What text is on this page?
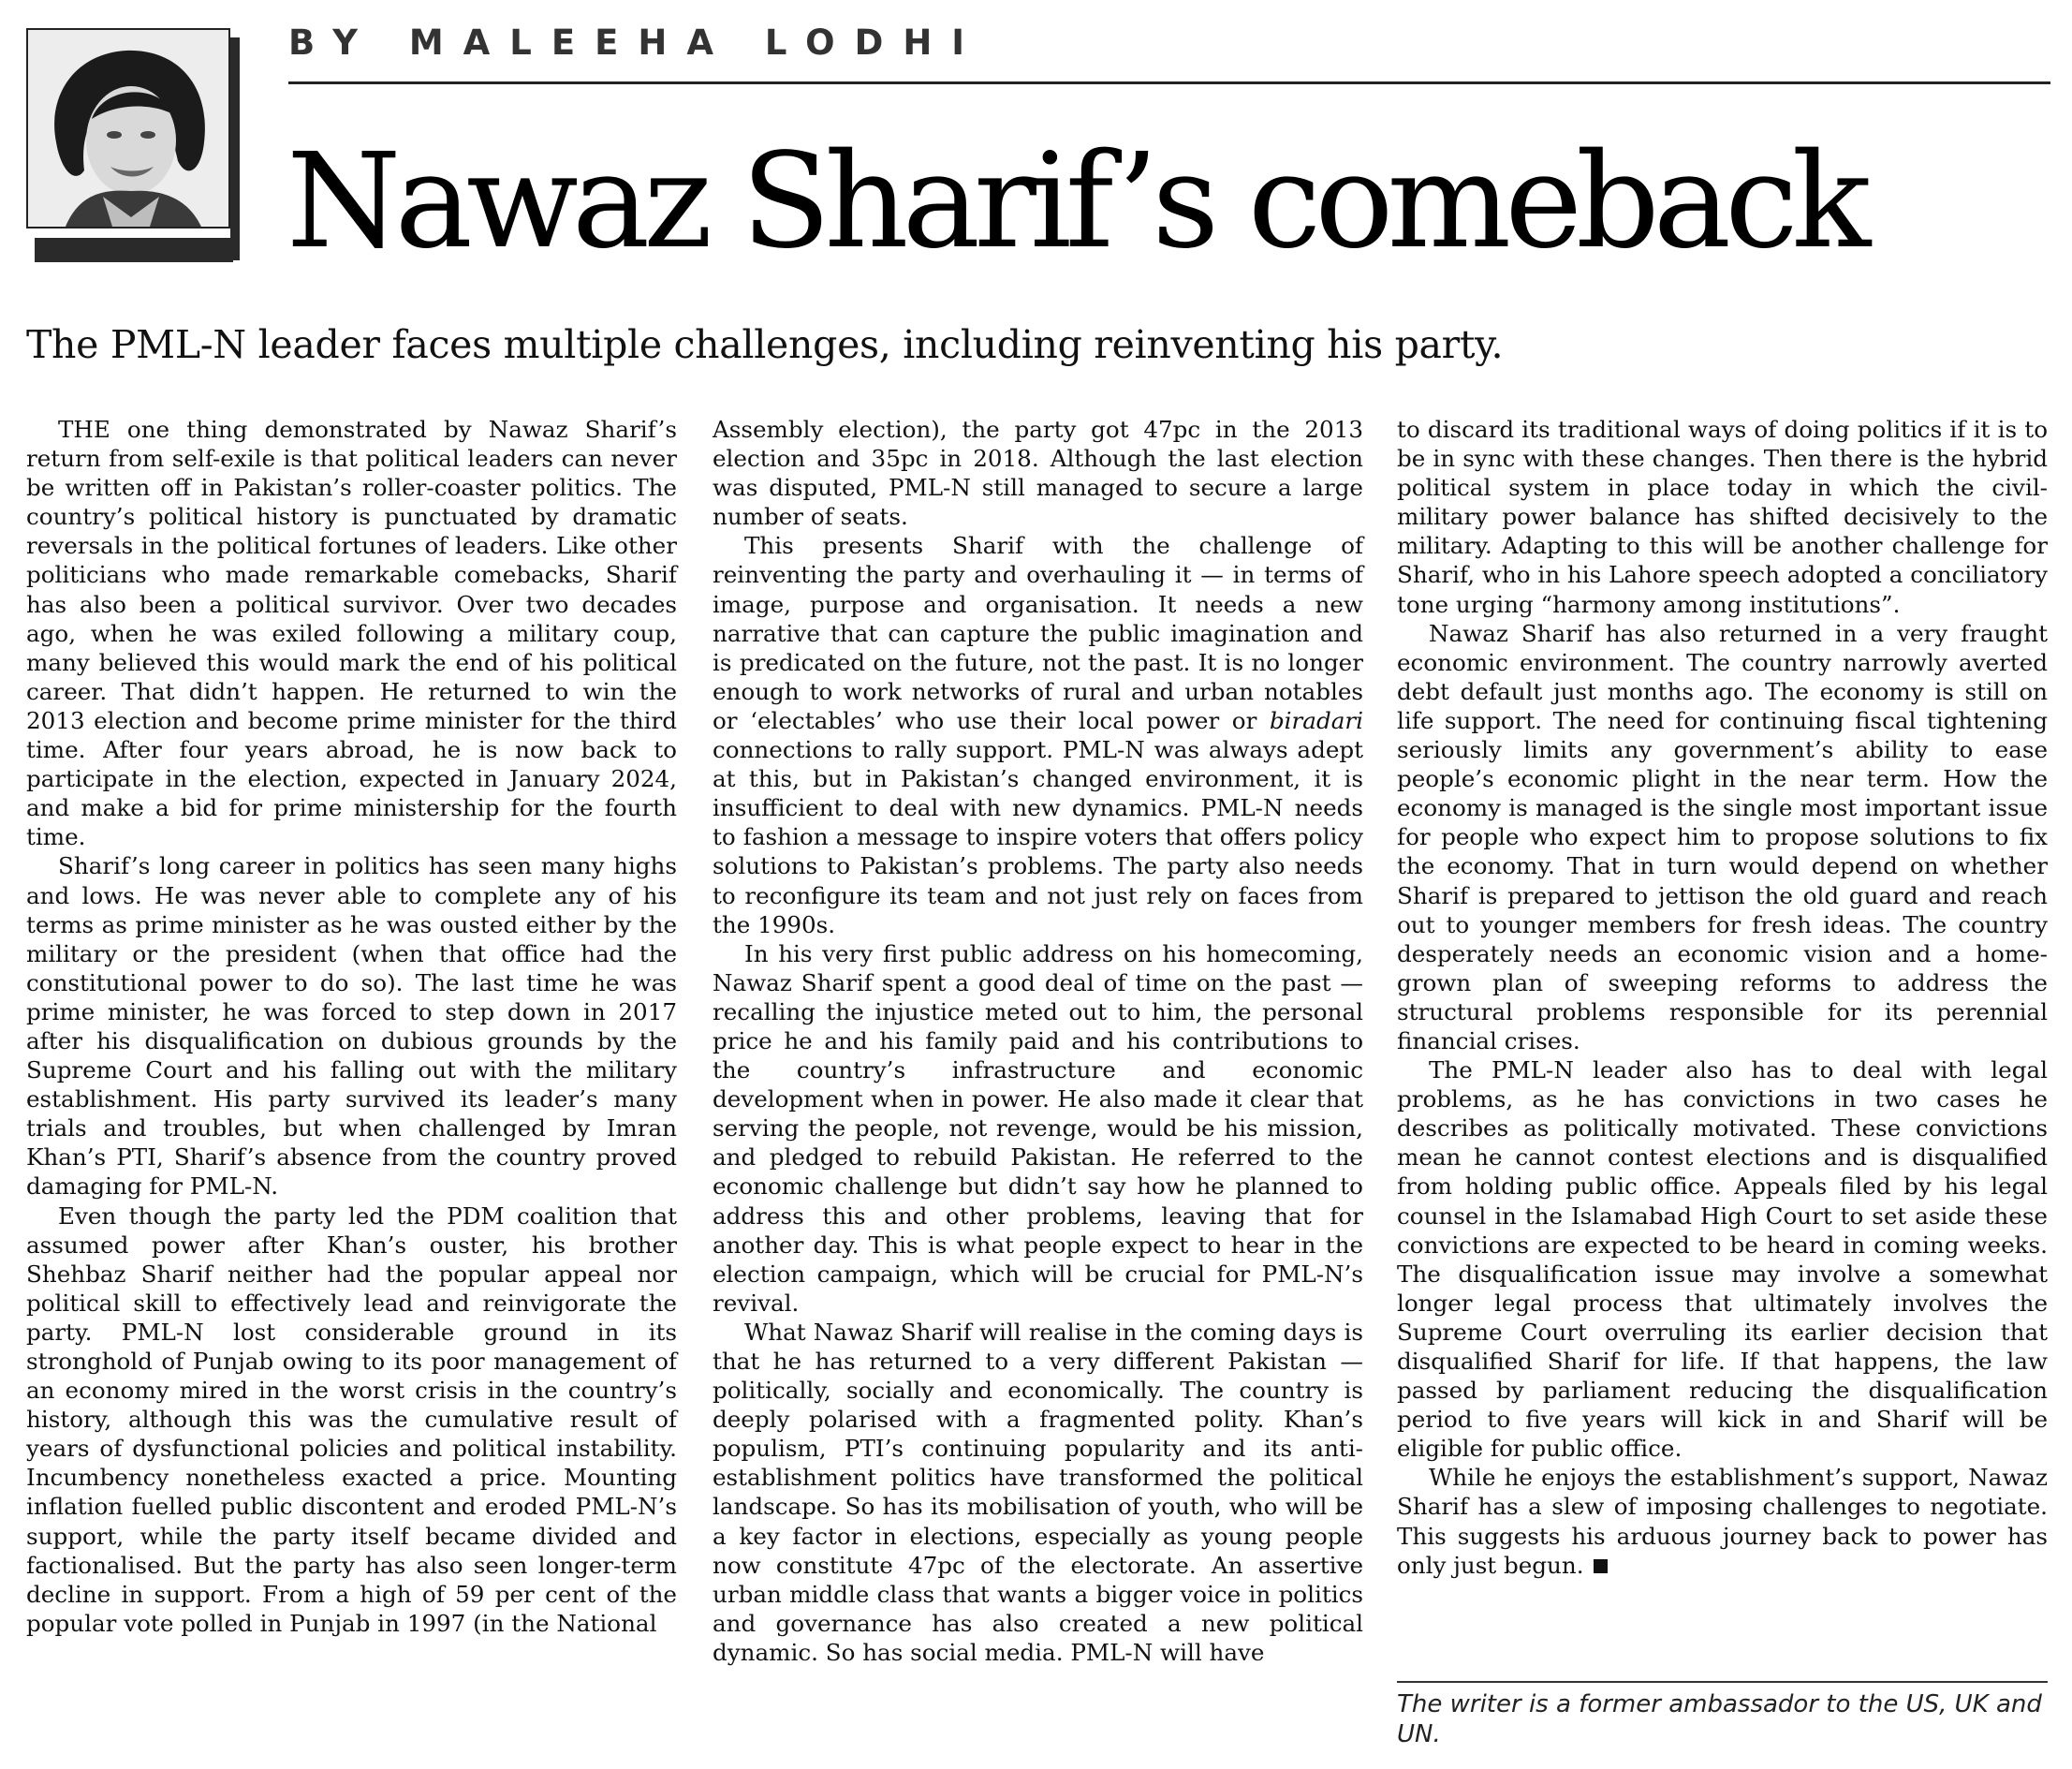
BY MALEEHA LODHI
Nawaz Sharif’s comeback
The PML-N leader faces multiple challenges, including reinventing his party.

THE one thing demonstrated by Nawaz Sharif’s return from self-exile is that political leaders can never be written off in Pakistan’s roller-coaster politics. The country’s political history is punctuated by dramatic reversals in the political fortunes of leaders. Like other politicians who made remarkable comebacks, Sharif has also been a political survivor. Over two decades ago, when he was exiled following a military coup, many believed this would mark the end of his political career. That didn’t happen. He returned to win the 2013 election and become prime minister for the third time. After four years abroad, he is now back to participate in the election, expected in January 2024, and make a bid for prime ministership for the fourth time.

Sharif’s long career in politics has seen many highs and lows. He was never able to complete any of his terms as prime minister as he was ousted either by the military or the president (when that office had the constitutional power to do so). The last time he was prime minister, he was forced to step down in 2017 after his disqualification on dubious grounds by the Supreme Court and his falling out with the military establishment. His party survived its leader’s many trials and troubles, but when challenged by Imran Khan’s PTI, Sharif’s absence from the country proved damaging for PML-N.

Even though the party led the PDM coalition that assumed power after Khan’s ouster, his brother Shehbaz Sharif neither had the popular appeal nor political skill to effectively lead and reinvigorate the party. PML-N lost considerable ground in its stronghold of Punjab owing to its poor management of an economy mired in the worst crisis in the country’s history, although this was the cumulative result of years of dysfunctional policies and political instability. Incumbency nonetheless exacted a price. Mounting inflation fuelled public discontent and eroded PML-N’s support, while the party itself became divided and factionalised. But the party has also seen longer-term decline in support. From a high of 59 per cent of the popular vote polled in Punjab in 1997 (in the National

Assembly election), the party got 47pc in the 2013 election and 35pc in 2018. Although the last election was disputed, PML-N still managed to secure a large number of seats.

This presents Sharif with the challenge of reinventing the party and overhauling it — in terms of image, purpose and organisation. It needs a new narrative that can capture the public imagination and is predicated on the future, not the past. It is no longer enough to work networks of rural and urban notables or ‘electables’ who use their local power or biradari connections to rally support. PML-N was always adept at this, but in Pakistan’s changed environment, it is insufficient to deal with new dynamics. PML-N needs to fashion a message to inspire voters that offers policy solutions to Pakistan’s problems. The party also needs to reconfigure its team and not just rely on faces from the 1990s.

In his very first public address on his homecoming, Nawaz Sharif spent a good deal of time on the past — recalling the injustice meted out to him, the personal price he and his family paid and his contributions to the country’s infrastructure and economic development when in power. He also made it clear that serving the people, not revenge, would be his mission, and pledged to rebuild Pakistan. He referred to the economic challenge but didn’t say how he planned to address this and other problems, leaving that for another day. This is what people expect to hear in the election campaign, which will be crucial for PML-N’s revival.

What Nawaz Sharif will realise in the coming days is that he has returned to a very different Pakistan — politically, socially and economically. The country is deeply polarised with a fragmented polity. Khan’s populism, PTI’s continuing popularity and its anti-establishment politics have transformed the political landscape. So has its mobilisation of youth, who will be a key factor in elections, especially as young people now constitute 47pc of the electorate. An assertive urban middle class that wants a bigger voice in politics and governance has also created a new political dynamic. So has social media. PML-N will have

to discard its traditional ways of doing politics if it is to be in sync with these changes. Then there is the hybrid political system in place today in which the civil-military power balance has shifted decisively to the military. Adapting to this will be another challenge for Sharif, who in his Lahore speech adopted a conciliatory tone urging “harmony among institutions”.

Nawaz Sharif has also returned in a very fraught economic environment. The country narrowly averted debt default just months ago. The economy is still on life support. The need for continuing fiscal tightening seriously limits any government’s ability to ease people’s economic plight in the near term. How the economy is managed is the single most important issue for people who expect him to propose solutions to fix the economy. That in turn would depend on whether Sharif is prepared to jettison the old guard and reach out to younger members for fresh ideas. The country desperately needs an economic vision and a home-grown plan of sweeping reforms to address the structural problems responsible for its perennial financial crises.

The PML-N leader also has to deal with legal problems, as he has convictions in two cases he describes as politically motivated. These convictions mean he cannot contest elections and is disqualified from holding public office. Appeals filed by his legal counsel in the Islamabad High Court to set aside these convictions are expected to be heard in coming weeks. The disqualification issue may involve a somewhat longer legal process that ultimately involves the Supreme Court overruling its earlier decision that disqualified Sharif for life. If that happens, the law passed by parliament reducing the disqualification period to five years will kick in and Sharif will be eligible for public office.

While he enjoys the establishment’s support, Nawaz Sharif has a slew of imposing challenges to negotiate. This suggests his arduous journey back to power has only just begun.

The writer is a former ambassador to the US, UK and UN.
